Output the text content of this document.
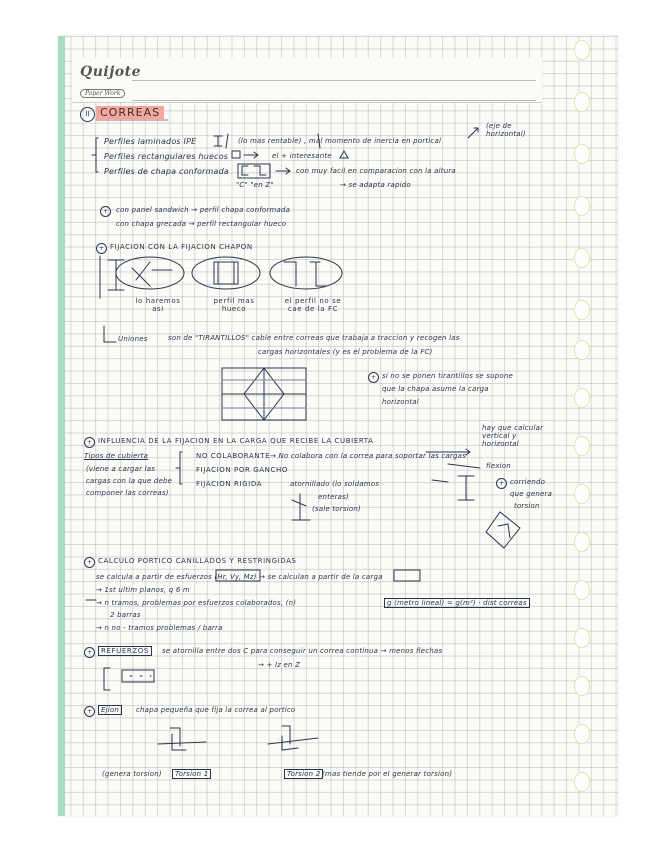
Quijote
Paper Work
II CORREAS
Perfiles laminados IPE	(lo mas rentable) , mal momento de inercia en portical
(eje de horizontal)
Perfiles rectangulares huecos	el + interesante
Perfiles de chapa conformada	con muy facil en comparacion con la altura
"C" "en Z"	→ se adapta rapido
+	con panel sandwich → perfil chapa conformada
con chapa grecada → perfil rectangular hueco
+ FIJACION CON LA FIJACION CHAPON
lo haremos asi
perfil mas hueco
el perfil no se cae de la FC
Uniones	son de "TIRANTILLOS" cable entre correas que trabaja a traccion y recogen las
cargas horizontales (y es el problema de la FC)
+ si no se ponen tirantillos se supone
que la chapa asume la carga
horizontal
+ INFLUENCIA DE LA FIJACION EN LA CARGA QUE RECIBE LA CUBIERTA
hay que calcular vertical y horizontal
Tipos de cubierta
(viene a cargar las
cargas con la que debe
componer las correas)
NO COLABORANTE → No colabora con la correa para soportar las cargas
FIJACION POR GANCHO
FIJACION RIGIDA	atornillado (lo soldamos
enteras)
(sale torsion)
flexion
+ corriendo
que genera
torsion
+ CALCULO PORTICO CANILLADOS Y RESTRINGIDAS
se calcula a partir de esfuerzos (Hr, Vy, Mz) → se calculan a partir de la carga
→ 1st ultim planos, q 6 m
→ n tramos, problemas por esfuerzos colaborados, (n)
2 barras
→ n no - tramos problemas / barra
g (metro lineal) = g(m²) · dist correas
+	REFUERZOS	se atornilla entre dos C para conseguir un correa continua → menos flechas
→ + Iz en Z
+	Ejion	chapa pequeña que fija la correa al portico
(genera torsion)	Torsion 1	Torsion 2 (mas tiende por el generar torsion)
